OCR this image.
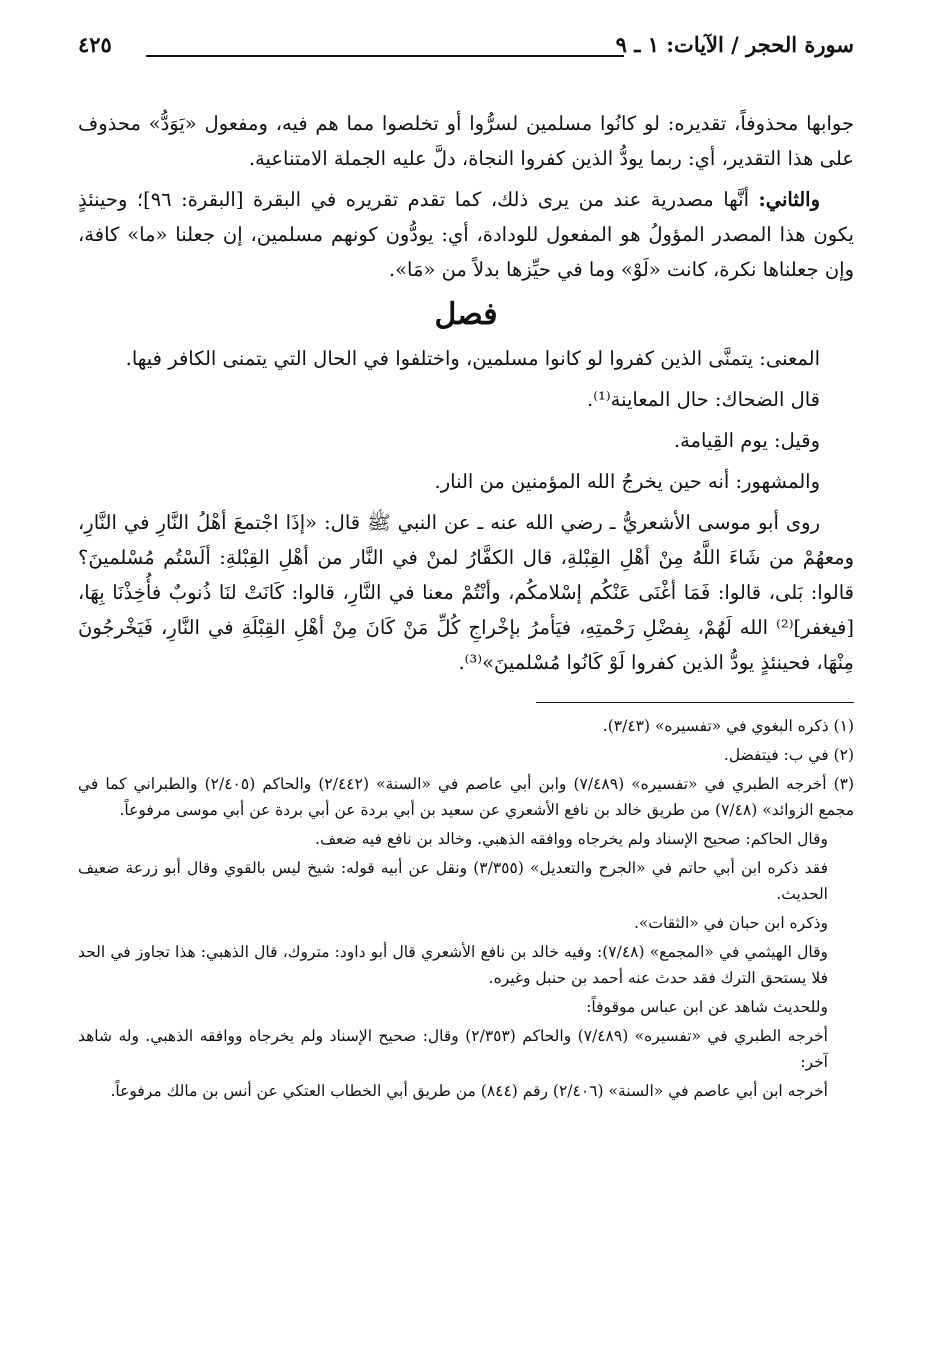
سورة الحجر / الآيات: ١ ـ ٩
٤٢٥

جوابها محذوفاً، تقديره: لو كانُوا مسلمين لسرُّوا أو تخلصوا مما هم فيه، ومفعول «يَوَدُّ» محذوف على هذا التقدير، أي: ربما يودُّ الذين كفروا النجاة، دلَّ عليه الجملة الامتناعية.

والثاني: أنَّها مصدرية عند من يرى ذلك، كما تقدم تقريره في البقرة [البقرة: ٩٦]؛ وحينئذٍ يكون هذا المصدر المؤولُ هو المفعول للودادة، أي: يودُّون كونهم مسلمين، إن جعلنا «ما» كافة، وإن جعلناها نكرة، كانت «لَوْ» وما في حيِّزها بدلاً من «مَا».

فصل

المعنى: يتمنَّى الذين كفروا لو كانوا مسلمين، واختلفوا في الحال التي يتمنى الكافر فيها.

قال الضحاك: حال المعاينة⁽¹⁾.

وقيل: يوم القِيامة.

والمشهور: أنه حين يخرجُ الله المؤمنين من النار.

روى أبو موسى الأشعريُّ ـ رضي الله عنه ـ عن النبي ﷺ قال: «إذَا اجْتمعَ أهْلُ النَّارِ في النَّارِ، ومعهُمْ من شَاءَ اللَّهُ مِنْ أهْلِ القِبْلةِ، قال الكفَّارُ لمنْ في النَّار من أهْلِ القِبْلةِ: ألَسْتُم مُسْلمينَ؟ قالوا: بَلى، قالوا: فَمَا أغْنَى عَنْكُم إسْلامكُم، وأنْتُمْ معنا في النَّارِ، قالوا: كَانَتْ لنَا ذُنوبٌ فأُخِذْنَا بِهَا، [فيغفر]⁽²⁾ الله لَهُمْ، بِفضْلِ رَحْمتِهِ، فيَأمرُ بإخْراجِ كُلِّ مَنْ كَانَ مِنْ أهْلِ القِبْلَةِ في النَّارِ، فَيَخْرجُونَ مِنْهَا، فحينئذٍ يودُّ الذين كفروا لَوْ كَانُوا مُسْلمينَ»⁽³⁾.

(١) ذكره البغوي في «تفسيره» (٣/٤٣).

(٢) في ب: فيتفضل.

(٣) أخرجه الطبري في «تفسيره» (٧/٤٨٩) وابن أبي عاصم في «السنة» (٢/٤٤٢) والحاكم (٢/٤٠٥) والطبراني كما في مجمع الزوائد» (٧/٤٨) من طريق خالد بن نافع الأشعري عن سعيد بن أبي بردة عن أبي بردة عن أبي موسى مرفوعاً.

وقال الحاكم: صحيح الإسناد ولم يخرجاه ووافقه الذهبي. وخالد بن نافع فيه ضعف.

فقد ذكره ابن أبي حاتم في «الجرح والتعديل» (٣/٣٥٥) ونقل عن أبيه قوله: شيخ ليس بالقوي وقال أبو زرعة ضعيف الحديث.

وذكره ابن حبان في «الثقات».

وقال الهيثمي في «المجمع» (٧/٤٨): وفيه خالد بن نافع الأشعري قال أبو داود: متروك، قال الذهبي: هذا تجاوز في الحد فلا يستحق الترك فقد حدث عنه أحمد بن حنبل وغيره.

وللحديث شاهد عن ابن عباس موقوفاً:

أخرجه الطبري في «تفسيره» (٧/٤٨٩) والحاكم (٢/٣٥٣) وقال: صحيح الإسناد ولم يخرجاه ووافقه الذهبي. وله شاهد آخر:

أخرجه ابن أبي عاصم في «السنة» (٢/٤٠٦) رقم (٨٤٤) من طريق أبي الخطاب العتكي عن أنس بن مالك مرفوعاً.
